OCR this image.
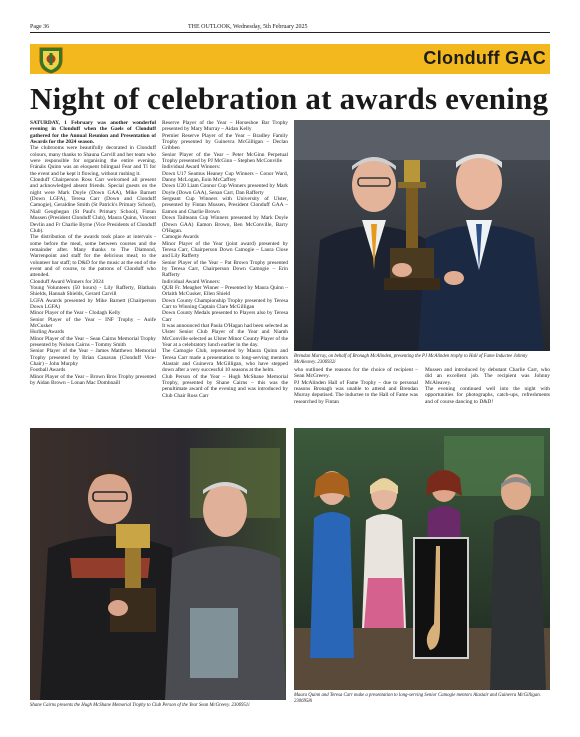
Page 36	THE OUTLOOK, Wednesday, 5th February 2025
Clonduff GAC
Night of celebration at awards evening

SATURDAY, 1 February was another wonderful evening in Clonduff when the Gaels of Clonduff gathered for the Annual Reunion and Presentation of Awards for the 2024 season.

The clubrooms were beautifully decorated in Clonduff colours, many thanks to Shauna Carvill and her team who were responsible for organising the entire evening. Fránáis Quinn was an eloquent bilingual Fear and Tí for the event and he kept it flowing, without rushing it.

Clonduff Chairperson Ross Carr welcomed all present and acknowledged absent friends. Special guests on the night were Mark Doyle (Down GAA), Mike Barnett (Down LGFA), Teresa Carr (Down and Clonduff Camogie), Geraldine Smith (St Patrick's Primary School), Niall Geoghegan (St Paul's Primary School), Fintan Mussen (President Clonduff Club), Maura Quinn, Vincent Devlin and Fr Charlie Byrne (Vice Presidents of Clonduff Club).

The distribution of the awards took place at intervals - some before the meal, some between courses and the remainder after. Many thanks to The Diamond, Warrenpoint and staff for the delicious meal; to the volunteer bar staff; to D&D for the music at the end of the event and of course, to the patrons of Clonduff who attended.

Clonduff Award Winners for 2024

Young Volunteers (50 hours) - Lily Rafferty, Blathain Shields, Hannah Shields, Gerard Carvill

LGFA Awards presented by Mike Barnett (Chairperson Down LGFA)

Minor Player of the Year – Clodagh Kelly

Senior Player of the Year – INF Trophy – Aoife McCusker

Hurling Awards

Minor Player of the Year – Sean Cairns Memorial Trophy presented by Nolson Cairns – Tommy Smith

Senior Player of the Year – James Matthews Memorial Trophy presented by Brian Canavan (Clonduff Vice-Chair) – John Murphy

Football Awards

Minor Player of the Year – Brown Bros Trophy presented by Aidan Brown – Lonan Mac Domhnaill

Reserve Player of the Year – Horseshoe Bar Trophy presented by Mary Murray – Aidan Kelly

Premier Reserve Player of the Year – Bradley Family Trophy presented by Guinevra McGilligan – Declan Gribben

Senior Player of the Year – Peter McGinn Perpetual Trophy presented by PJ McGinn – Stephen McConville

Individual Award Winners:

Down U17 Seamus Heaney Cup Winners – Conor Ward, Danny McLogan, Eoin McCaffrey

Down U20 Liam Connor Cup Winners presented by Mark Doyle (Down GAA), Senan Carr, Dan Rafferty

Sergeant Cup Winners with University of Ulster, presented by Fintan Mussen, President Clonduff GAA – Eamon and Charlie Brown

Down Tailteann Cup Winners presented by Mark Doyle (Down GAA) Eamon Brown, Ben McConville, Barry O'Hagan.

Camogie Awards

Minor Player of the Year (joint award) presented by Teresa Carr, Chairperson Down Camogie – Laura Close and Lily Rafferty

Senior Player of the Year – Pat Brown Trophy presented by Teresa Carr, Chairperson Down Camogie – Erin Rafferty

Individual Award Winners:

QUB Fr. Meagher Winner – Presented by Maura Quinn – Orlaith McCusker, Ellen Shield

Down County Championship Trophy presented by Teresa Carr to Winning Captain Clare McGilligan

Down County Medals presented to Players also by Teresa Carr

It was announced that Paula O'Hagan had been selected as Ulster Senior Club Player of the Year and Niamh McConville selected as Ulster Minor County Player of the Year at a celebratory lunch earlier in the day.

The Camogie Club, represented by Maura Quinn and Teresa Carr made a presentation to long-serving mentors Alastair and Guinevra McGilligan, who have stepped down after a very successful 10 seasons at the helm.

Club Person of the Year – Hugh McShane Memorial Trophy, presented by Shane Cairns – this was the penultimate award of the evening and was introduced by Club Chair Ross Carr

Brendan Murray, on behalf of Bronagh McAlinden, presenting the PJ McAlinden trophy to Hall of Fame Inductee Johnny McAleavey. 2306932i

who outlined the reasons for the choice of recipient – Sean McGreevy.

PJ McAlinden Hall of Fame Trophy – due to personal reasons Bronagh was unable to attend and Brendan Murray deputised. The inductee to the Hall of Fame was researched by Fintan

Mussen and introduced by debutant Charlie Carr, who did an excellent job. The recipient was Johnny McAleavey.

The evening continued well into the night with opportunities for photographs, catch-ups, refreshments and of course dancing to D&D!

Shane Cairns presents the Hugh McShane Memorial Trophy to Club Person of the Year Sean McGreevy. 2306951i
Maura Quinn and Teresa Carr make a presentation to long-serving Senior Camogie mentors Alastair and Guinevra McGilligan. 2306958i
